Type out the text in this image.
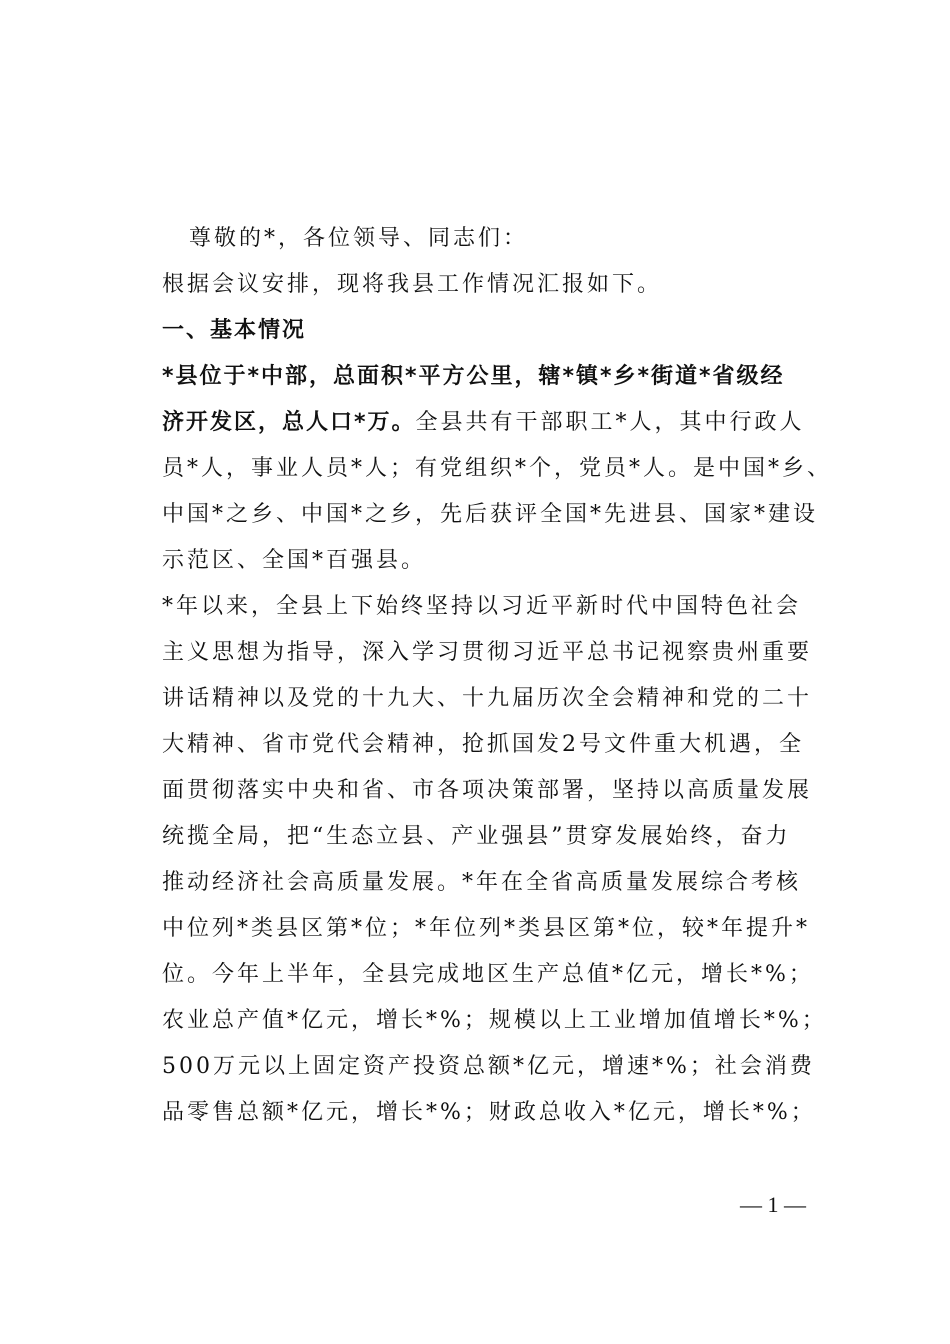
尊敬的*，各位领导、同志们：
根据会议安排，现将我县工作情况汇报如下。
一、基本情况
*县位于*中部，总面积*平方公里，辖*镇*乡*街道*省级经
济开发区，总人口*万。全县共有干部职工*人，其中行政人
员*人，事业人员*人；有党组织*个，党员*人。是中国*乡、
中国*之乡、中国*之乡，先后获评全国*先进县、国家*建设
示范区、全国*百强县。
*年以来，全县上下始终坚持以习近平新时代中国特色社会
主义思想为指导，深入学习贯彻习近平总书记视察贵州重要
讲话精神以及党的十九大、十九届历次全会精神和党的二十
大精神、省市党代会精神，抢抓国发2号文件重大机遇，全
面贯彻落实中央和省、市各项决策部署，坚持以高质量发展
统揽全局，把“生态立县、产业强县”贯穿发展始终，奋力
推动经济社会高质量发展。*年在全省高质量发展综合考核
中位列*类县区第*位；*年位列*类县区第*位，较*年提升*
位。今年上半年，全县完成地区生产总值*亿元，增长*%；
农业总产值*亿元，增长*%；规模以上工业增加值增长*%；
500万元以上固定资产投资总额*亿元，增速*%；社会消费
品零售总额*亿元，增长*%；财政总收入*亿元，增长*%；
— 1 —
